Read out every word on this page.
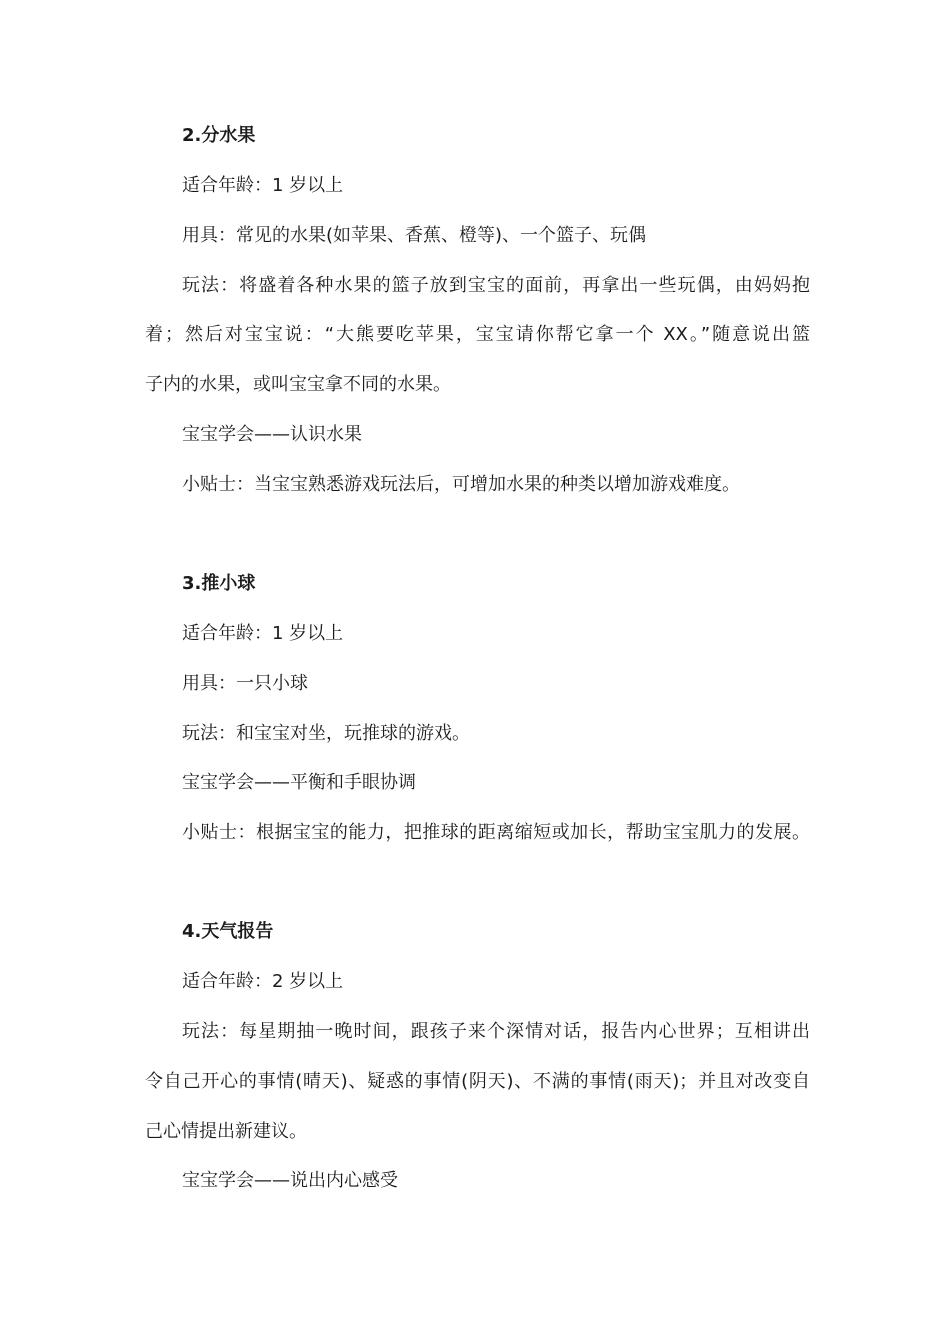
2.分水果
适合年龄：1 岁以上
用具：常见的水果(如苹果、香蕉、橙等)、一个篮子、玩偶
玩法：将盛着各种水果的篮子放到宝宝的面前，再拿出一些玩偶，由妈妈抱
着；然后对宝宝说：“大熊要吃苹果，宝宝请你帮它拿一个 XX。”随意说出篮
子内的水果，或叫宝宝拿不同的水果。
宝宝学会——认识水果
小贴士：当宝宝熟悉游戏玩法后，可增加水果的种类以增加游戏难度。
3.推小球
适合年龄：1 岁以上
用具：一只小球
玩法：和宝宝对坐，玩推球的游戏。
宝宝学会——平衡和手眼协调
小贴士：根据宝宝的能力，把推球的距离缩短或加长，帮助宝宝肌力的发展。
4.天气报告
适合年龄：2 岁以上
玩法：每星期抽一晚时间，跟孩子来个深情对话，报告内心世界；互相讲出
令自己开心的事情(晴天)、疑惑的事情(阴天)、不满的事情(雨天)；并且对改变自
己心情提出新建议。
宝宝学会——说出内心感受
